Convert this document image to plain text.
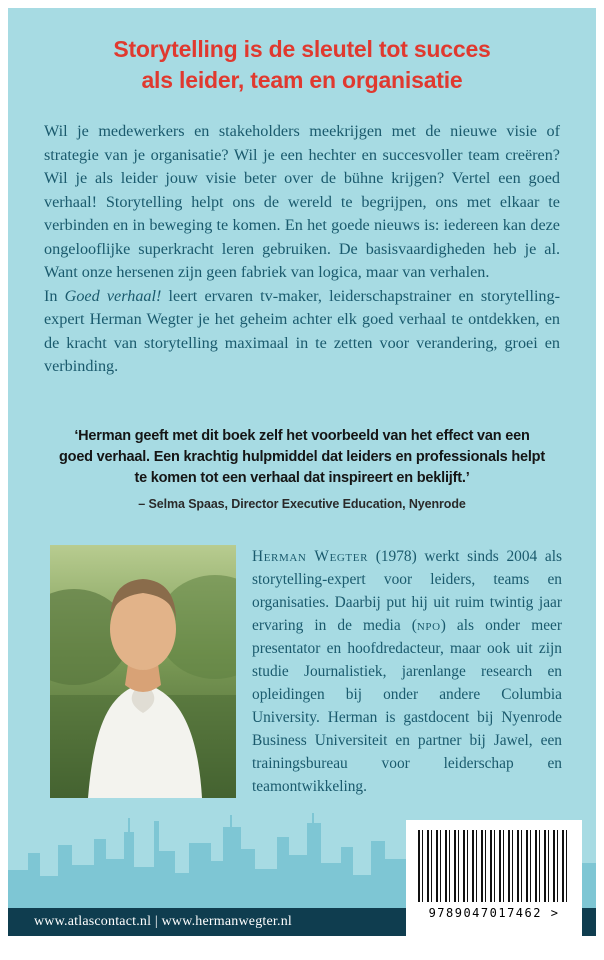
Storytelling is de sleutel tot succes
als leider, team en organisatie

Wil je medewerkers en stakeholders meekrijgen met de nieuwe visie of strategie van je organisatie? Wil je een hechter en succesvoller team creëren? Wil je als leider jouw visie beter over de bühne krijgen? Vertel een goed verhaal! Storytelling helpt ons de wereld te begrijpen, ons met elkaar te verbinden en in beweging te komen. En het goede nieuws is: iedereen kan deze ongelooflijke superkracht leren gebruiken. De basisvaardigheden heb je al. Want onze hersenen zijn geen fabriek van logica, maar van verhalen.

In Goed verhaal! leert ervaren tv-maker, leiderschapstrainer en storytelling-expert Herman Wegter je het geheim achter elk goed verhaal te ontdekken, en de kracht van storytelling maximaal in te zetten voor verandering, groei en verbinding.

‘Herman geeft met dit boek zelf het voorbeeld van het effect van een goed verhaal. Een krachtig hulpmiddel dat leiders en professionals helpt te komen tot een verhaal dat inspireert en beklijft.’
– Selma Spaas, Director Executive Education, Nyenrode
Herman Wegter (1978) werkt sinds 2004 als storytelling-expert voor leiders, teams en organisaties. Daarbij put hij uit ruim twintig jaar ervaring in de media (npo) als onder meer presentator en hoofdredacteur, maar ook uit zijn studie Journalistiek, jarenlange research en opleidingen bij onder andere Columbia University. Herman is gastdocent bij Nyenrode Business Universiteit en partner bij Jawel, een trainingsbureau voor leiderschap en teamontwikkeling.
www.atlascontact.nl | www.hermanwegter.nl
9789047017462 >
